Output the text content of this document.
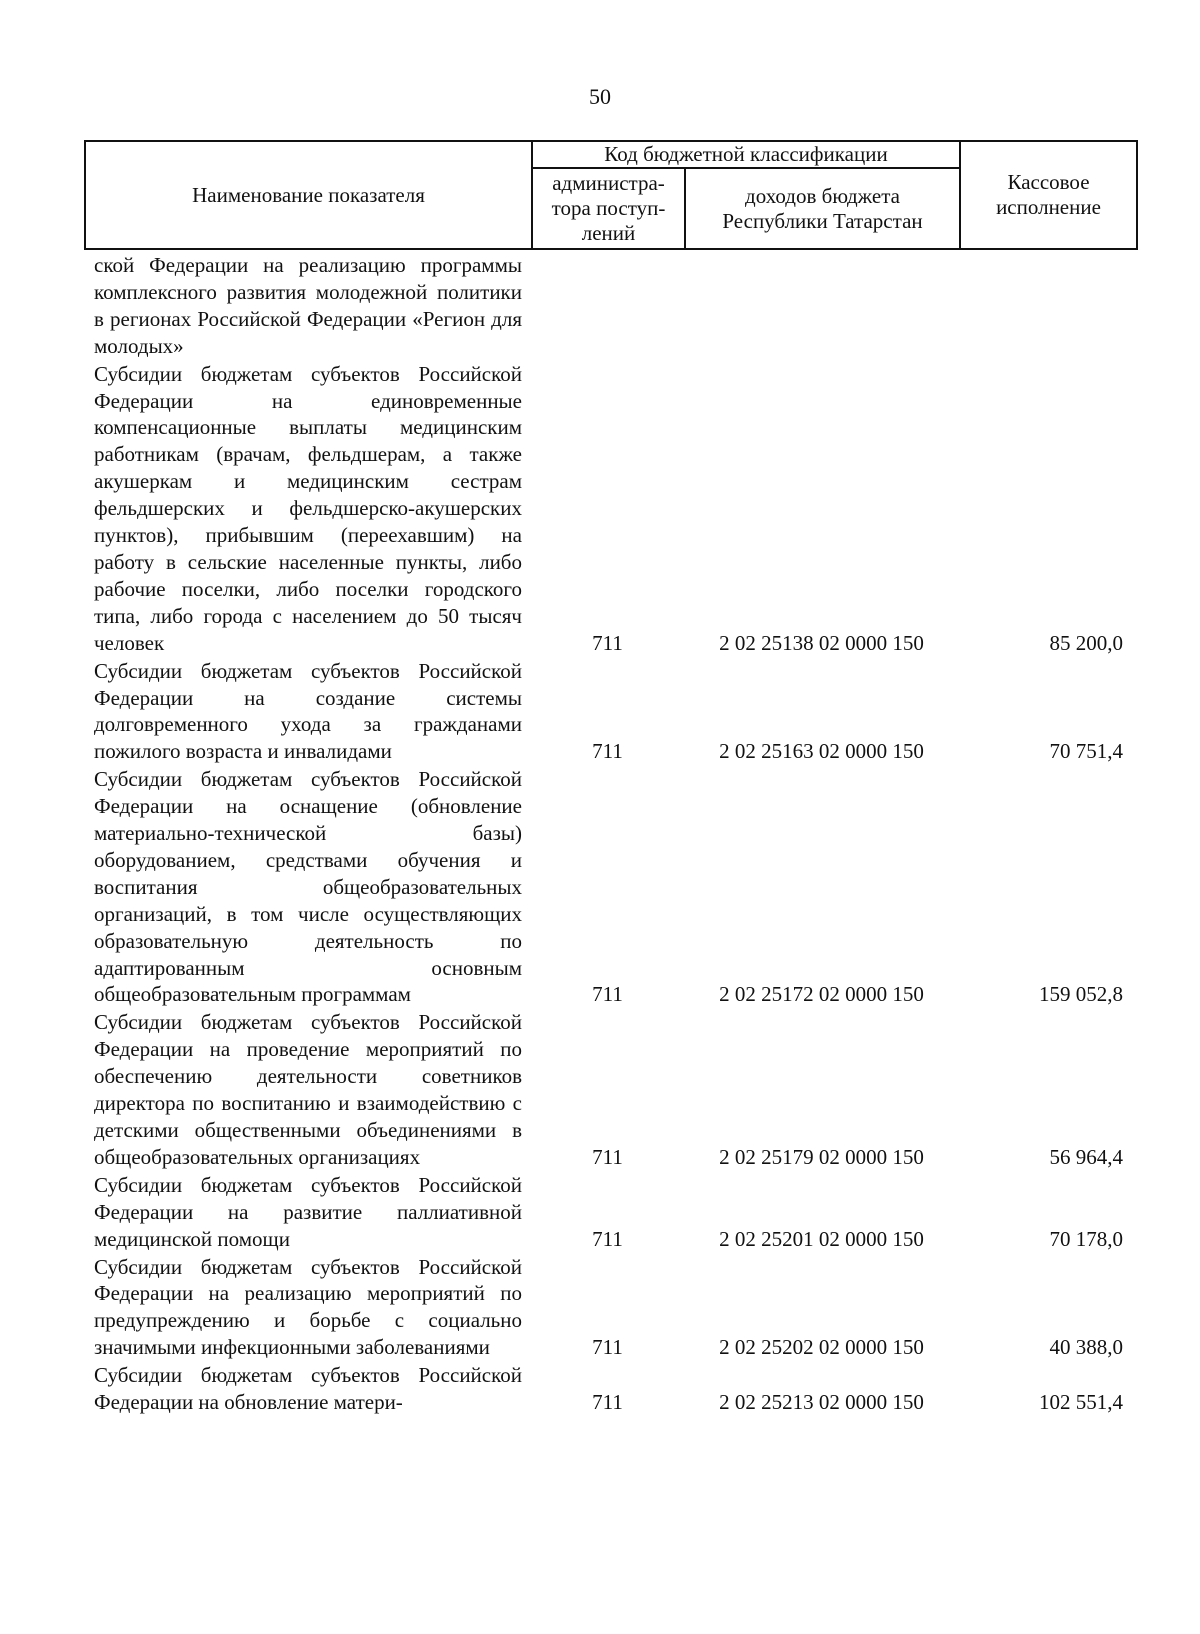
50
Наименование показателя
Код бюджетной классификации
администра-
тора поступ-
лений
доходов бюджета
Республики Татарстан
Кассовое
исполнение
ской Федерации на реализацию программы комплексного развития молодежной политики в регионах Российской Федерации «Регион для молодых»
Субсидии бюджетам субъектов Российской Федерации на единовременные компенсационные выплаты медицинским работникам (врачам, фельдшерам, а также акушеркам и медицинским сестрам фельдшерских и фельдшерско-акушерских пунктов), прибывшим (переехавшим) на работу в сельские населенные пункты, либо рабочие поселки, либо поселки городского типа, либо города с населением до 50 тысяч человек	711	2 02 25138 02 0000 150	85 200,0
Субсидии бюджетам субъектов Российской Федерации на создание системы долговременного ухода за гражданами пожилого возраста и инвалидами	711	2 02 25163 02 0000 150	70 751,4
Субсидии бюджетам субъектов Российской Федерации на оснащение (обновление материально-технической базы) оборудованием, средствами обучения и воспитания общеобразовательных организаций, в том числе осуществляющих образовательную деятельность по адаптированным основным общеобразовательным программам	711	2 02 25172 02 0000 150	159 052,8
Субсидии бюджетам субъектов Российской Федерации на проведение мероприятий по обеспечению деятельности советников директора по воспитанию и взаимодействию с детскими общественными объединениями в общеобразовательных организациях	711	2 02 25179 02 0000 150	56 964,4
Субсидии бюджетам субъектов Российской Федерации на развитие паллиативной медицинской помощи	711	2 02 25201 02 0000 150	70 178,0
Субсидии бюджетам субъектов Российской Федерации на реализацию мероприятий по предупреждению и борьбе с социально значимыми инфекционными заболеваниями	711	2 02 25202 02 0000 150	40 388,0
Субсидии бюджетам субъектов Российской Федерации на обновление матери-	711	2 02 25213 02 0000 150	102 551,4
